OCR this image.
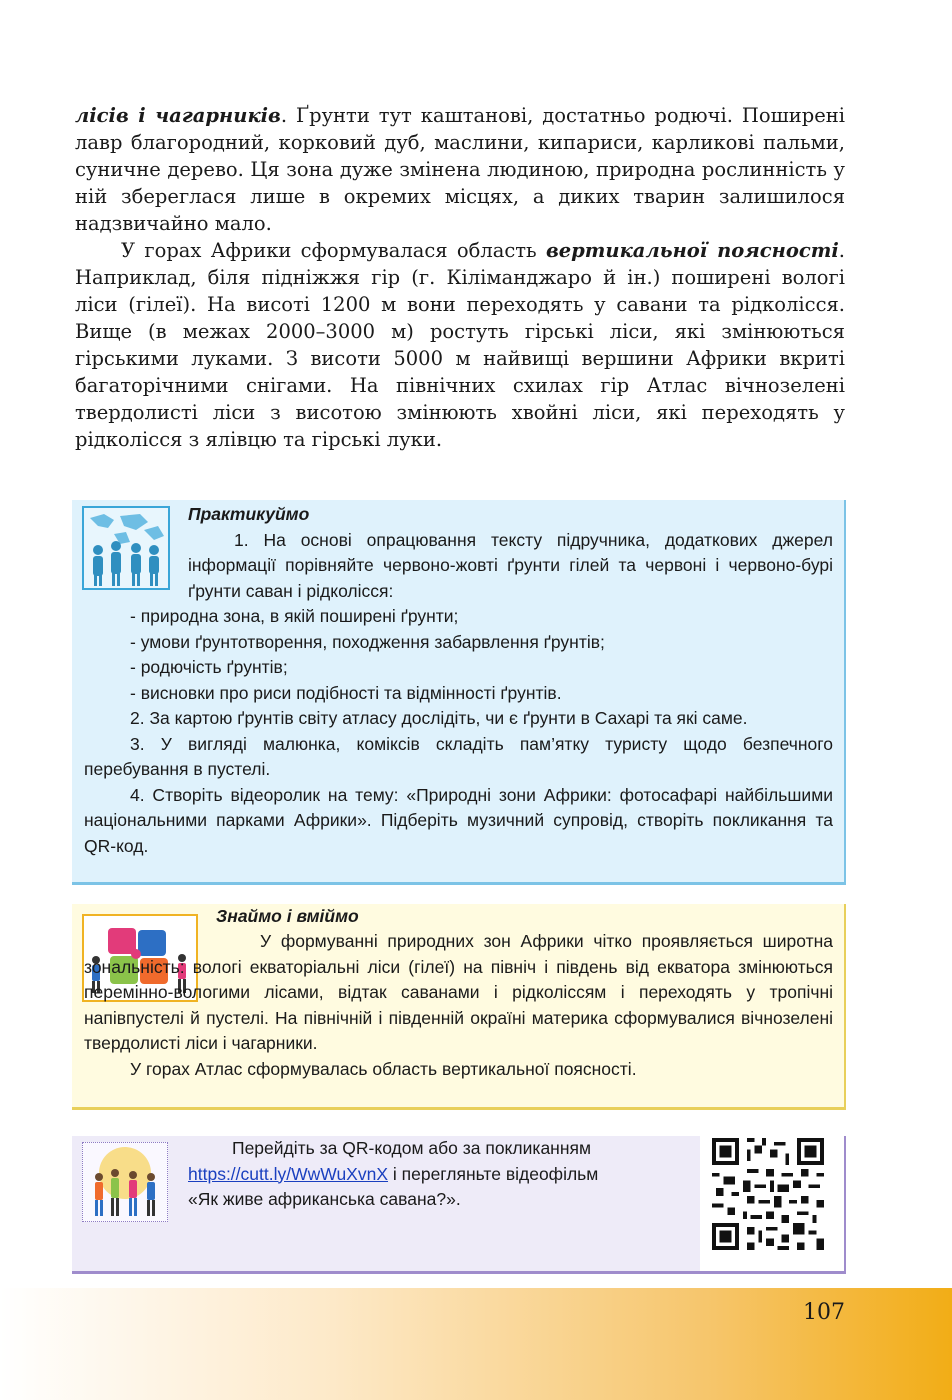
лісів і чагарників. Ґрунти тут каштанові, достатньо родючі. Поширені лавр благородний, корковий дуб, маслини, кипариси, карликові пальми, суничне дерево. Ця зона дуже змінена людиною, природна рослинність у ній збереглася лише в окремих місцях, а диких тварин залишилося надзвичайно мало.

У горах Африки сформувалася область вертикальної поясності. Наприклад, біля підніжжя гір (г. Кіліманджаро й ін.) поширені вологі ліси (гілеї). На висоті 1200 м вони переходять у савани та рідколісся. Вище (в межах 2000–3000 м) ростуть гірські ліси, які змінюються гірськими луками. З висоти 5000 м найвищі вершини Африки вкриті багаторічними снігами. На північних схилах гір Атлас вічнозелені твердолисті ліси з висотою змінюють хвойні ліси, які переходять у рідколісся з ялівцю та гірські луки.

Практикуймо
1. На основі опрацювання тексту підручника, додаткових джерел інформації порівняйте червоно-жовті ґрунти гілей та червоні і червоно-бурі ґрунти саван і рідколісся:
- природна зона, в якій поширені ґрунти;
- умови ґрунтотворення, походження забарвлення ґрунтів;
- родючість ґрунтів;
- висновки про риси подібності та відмінності ґрунтів.
2. За картою ґрунтів світу атласу дослідіть, чи є ґрунти в Сахарі та які саме.
3. У вигляді малюнка, коміксів складіть пам’ятку туристу щодо безпечного перебування в пустелі.
4. Створіть відеоролик на тему: «Природні зони Африки: фотосафарі найбільшими національними парками Африки». Підберіть музичний супровід, створіть покликання та QR-код.
Знаймо і вміймо
У формуванні природних зон Африки чітко проявляється широтна зональність: вологі екваторіальні ліси (гілеї) на північ і південь від екватора змінюються перемінно-вологими лісами, відтак саванами і рідколіссям і переходять у тропічні напівпустелі й пустелі. На північній і південній окраїні материка сформувалися вічнозелені твердолисті ліси і чагарники.
У горах Атлас сформувалась область вертикальної поясності.
Перейдіть за QR-кодом або за покликанням
https://cutt.ly/WwWuXvnX і перегляньте відеофільм
«Як живе африканська савана?».
107
